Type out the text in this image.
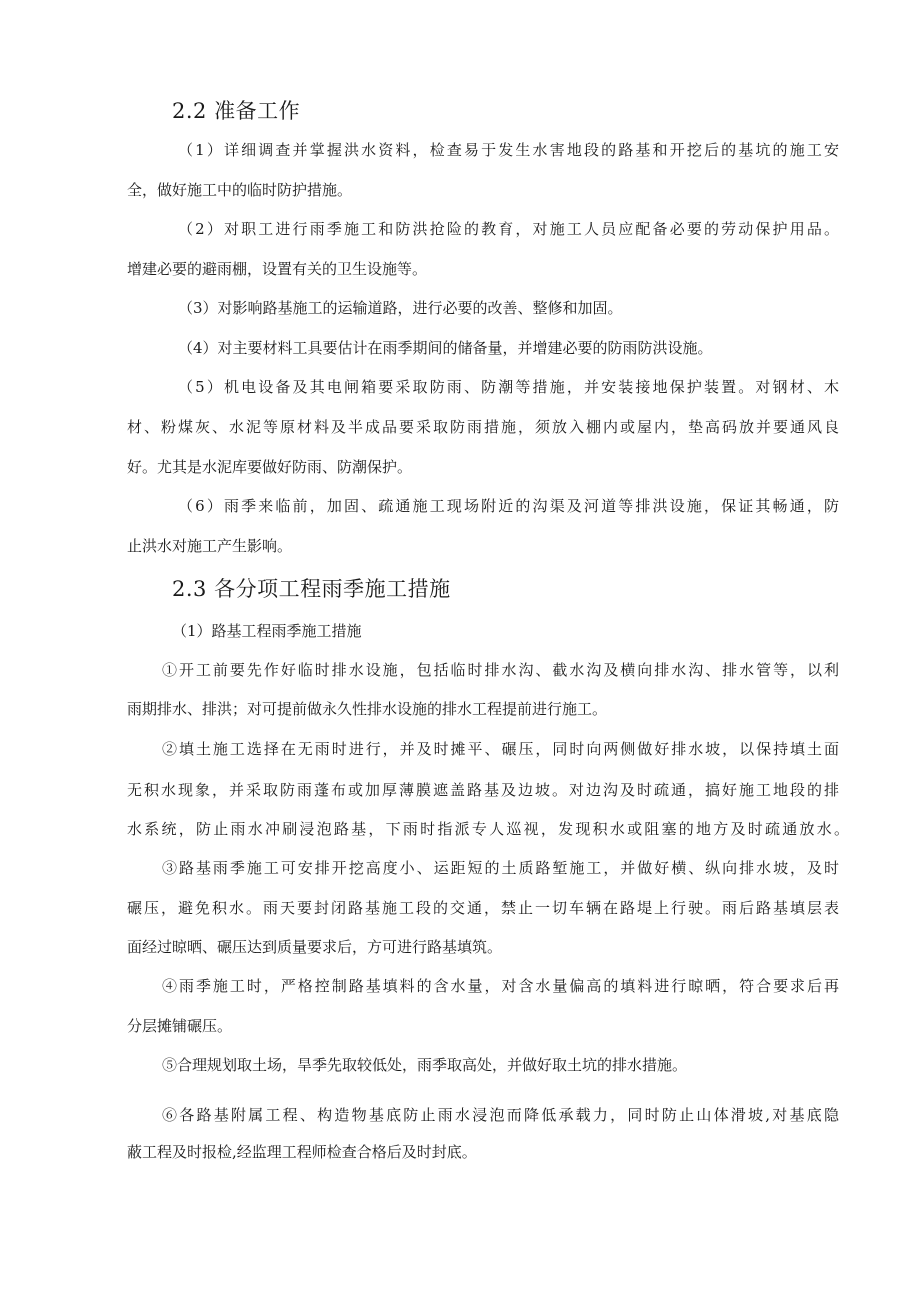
2.2 准备工作
（1）详细调查并掌握洪水资料，检查易于发生水害地段的路基和开挖后的基坑的施工安
全，做好施工中的临时防护措施。
（2）对职工进行雨季施工和防洪抢险的教育，对施工人员应配备必要的劳动保护用品。
增建必要的避雨棚，设置有关的卫生设施等。
（3）对影响路基施工的运输道路，进行必要的改善、整修和加固。
（4）对主要材料工具要估计在雨季期间的储备量，并增建必要的防雨防洪设施。
（5）机电设备及其电闸箱要采取防雨、防潮等措施，并安装接地保护装置。对钢材、木
材、粉煤灰、水泥等原材料及半成品要采取防雨措施，须放入棚内或屋内，垫高码放并要通风良
好。尤其是水泥库要做好防雨、防潮保护。
（6）雨季来临前，加固、疏通施工现场附近的沟渠及河道等排洪设施，保证其畅通，防
止洪水对施工产生影响。
2.3 各分项工程雨季施工措施
（1）路基工程雨季施工措施
①开工前要先作好临时排水设施，包括临时排水沟、截水沟及横向排水沟、排水管等，以利
雨期排水、排洪；对可提前做永久性排水设施的排水工程提前进行施工。
②填土施工选择在无雨时进行，并及时摊平、碾压，同时向两侧做好排水坡，以保持填土面
无积水现象，并采取防雨蓬布或加厚薄膜遮盖路基及边坡。对边沟及时疏通，搞好施工地段的排
水系统，防止雨水冲刷浸泡路基，下雨时指派专人巡视，发现积水或阻塞的地方及时疏通放水。
③路基雨季施工可安排开挖高度小、运距短的土质路堑施工，并做好横、纵向排水坡，及时
碾压，避免积水。雨天要封闭路基施工段的交通，禁止一切车辆在路堤上行驶。雨后路基填层表
面经过晾晒、碾压达到质量要求后，方可进行路基填筑。
④雨季施工时，严格控制路基填料的含水量，对含水量偏高的填料进行晾晒，符合要求后再
分层摊铺碾压。
⑤合理规划取土场，旱季先取较低处，雨季取高处，并做好取土坑的排水措施。
⑥各路基附属工程、构造物基底防止雨水浸泡而降低承载力，同时防止山体滑坡,对基底隐
蔽工程及时报检,经监理工程师检查合格后及时封底。
